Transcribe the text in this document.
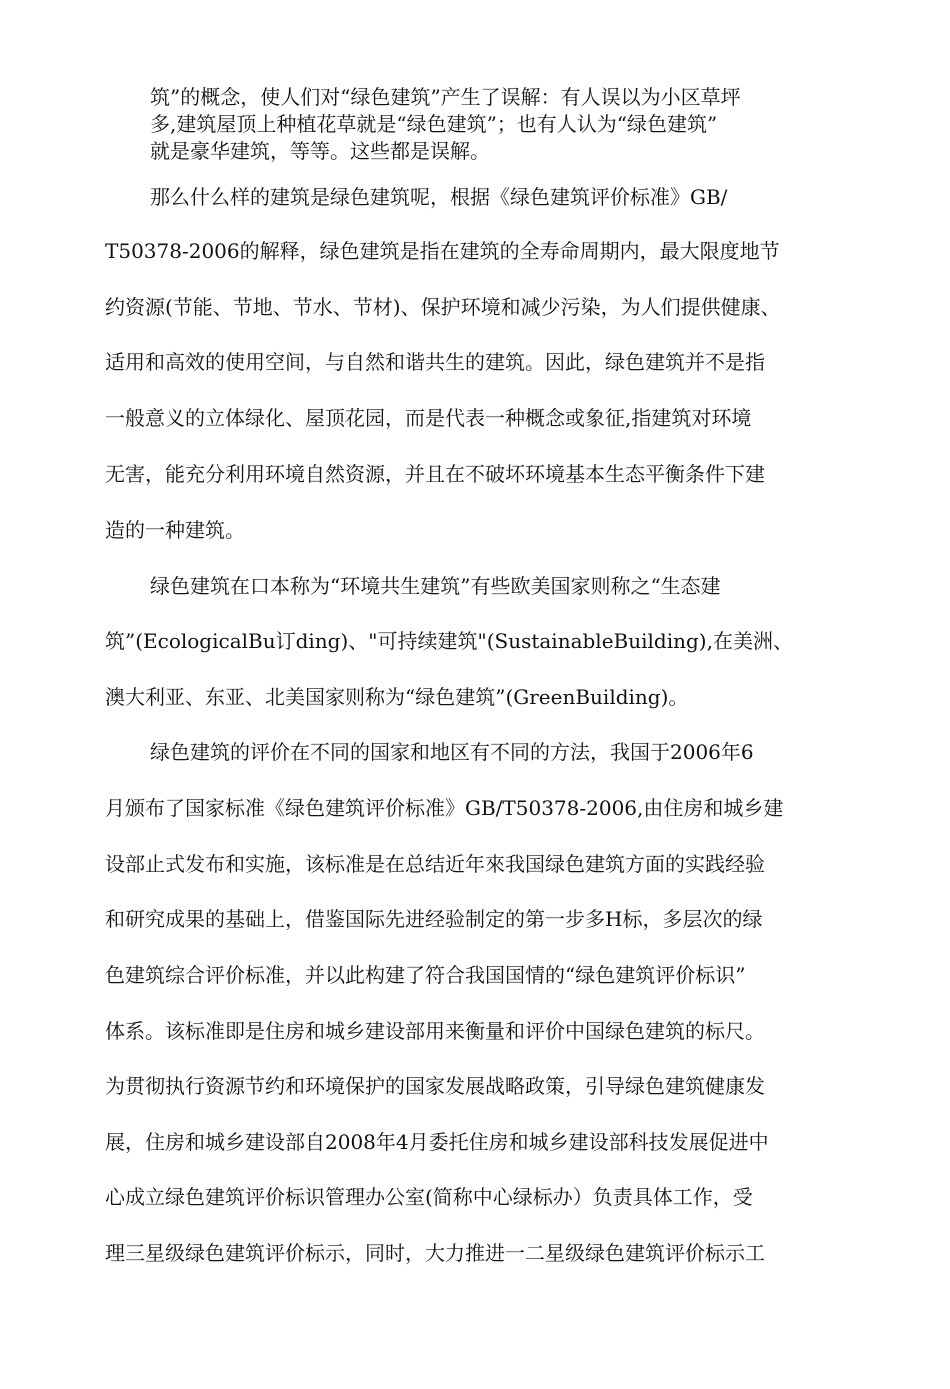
筑”的概念，使人们对“绿色建筑”产生了误解：有人误以为小区草坪
多,建筑屋顶上种植花草就是“绿色建筑”；也有人认为“绿色建筑”
就是豪华建筑，等等。这些都是误解。
那么什么样的建筑是绿色建筑呢，根据《绿色建筑评价标准》GB/
T50378-2006的解释，绿色建筑是指在建筑的全寿命周期内，最大限度地节
约资源(节能、节地、节水、节材)、保护环境和减少污染，为人们提供健康、
适用和高效的使用空间，与自然和谐共生的建筑。因此，绿色建筑并不是指
一般意义的立体绿化、屋顶花园，而是代表一种概念或象征,指建筑对环境
无害，能充分利用环境自然资源，并且在不破坏环境基本生态平衡条件下建
造的一种建筑。
绿色建筑在口本称为“环境共生建筑”有些欧美国家则称之“生态建
筑”(EcologicalBu订ding)、"可持续建筑"(SustainableBuilding),在美洲、
澳大利亚、东亚、北美国家则称为“绿色建筑”(GreenBuilding)。
绿色建筑的评价在不同的国家和地区有不同的方法，我国于2006年6
月颁布了国家标准《绿色建筑评价标准》GB/T50378-2006,由住房和城乡建
设部止式发布和实施，该标准是在总结近年來我国绿色建筑方面的实践经验
和研究成果的基础上，借鉴国际先进经验制定的第一步多H标，多层次的绿
色建筑综合评价标准，并以此构建了符合我国国情的“绿色建筑评价标识”
体系。该标准即是住房和城乡建设部用来衡量和评价中国绿色建筑的标尺。
为贯彻执行资源节约和环境保护的国家发展战略政策，引导绿色建筑健康发
展，住房和城乡建设部自2008年4月委托住房和城乡建设部科技发展促进中
心成立绿色建筑评价标识管理办公室(简称中心绿标办）负责具体工作，受
理三星级绿色建筑评价标示，同时，大力推进一二星级绿色建筑评价标示工
